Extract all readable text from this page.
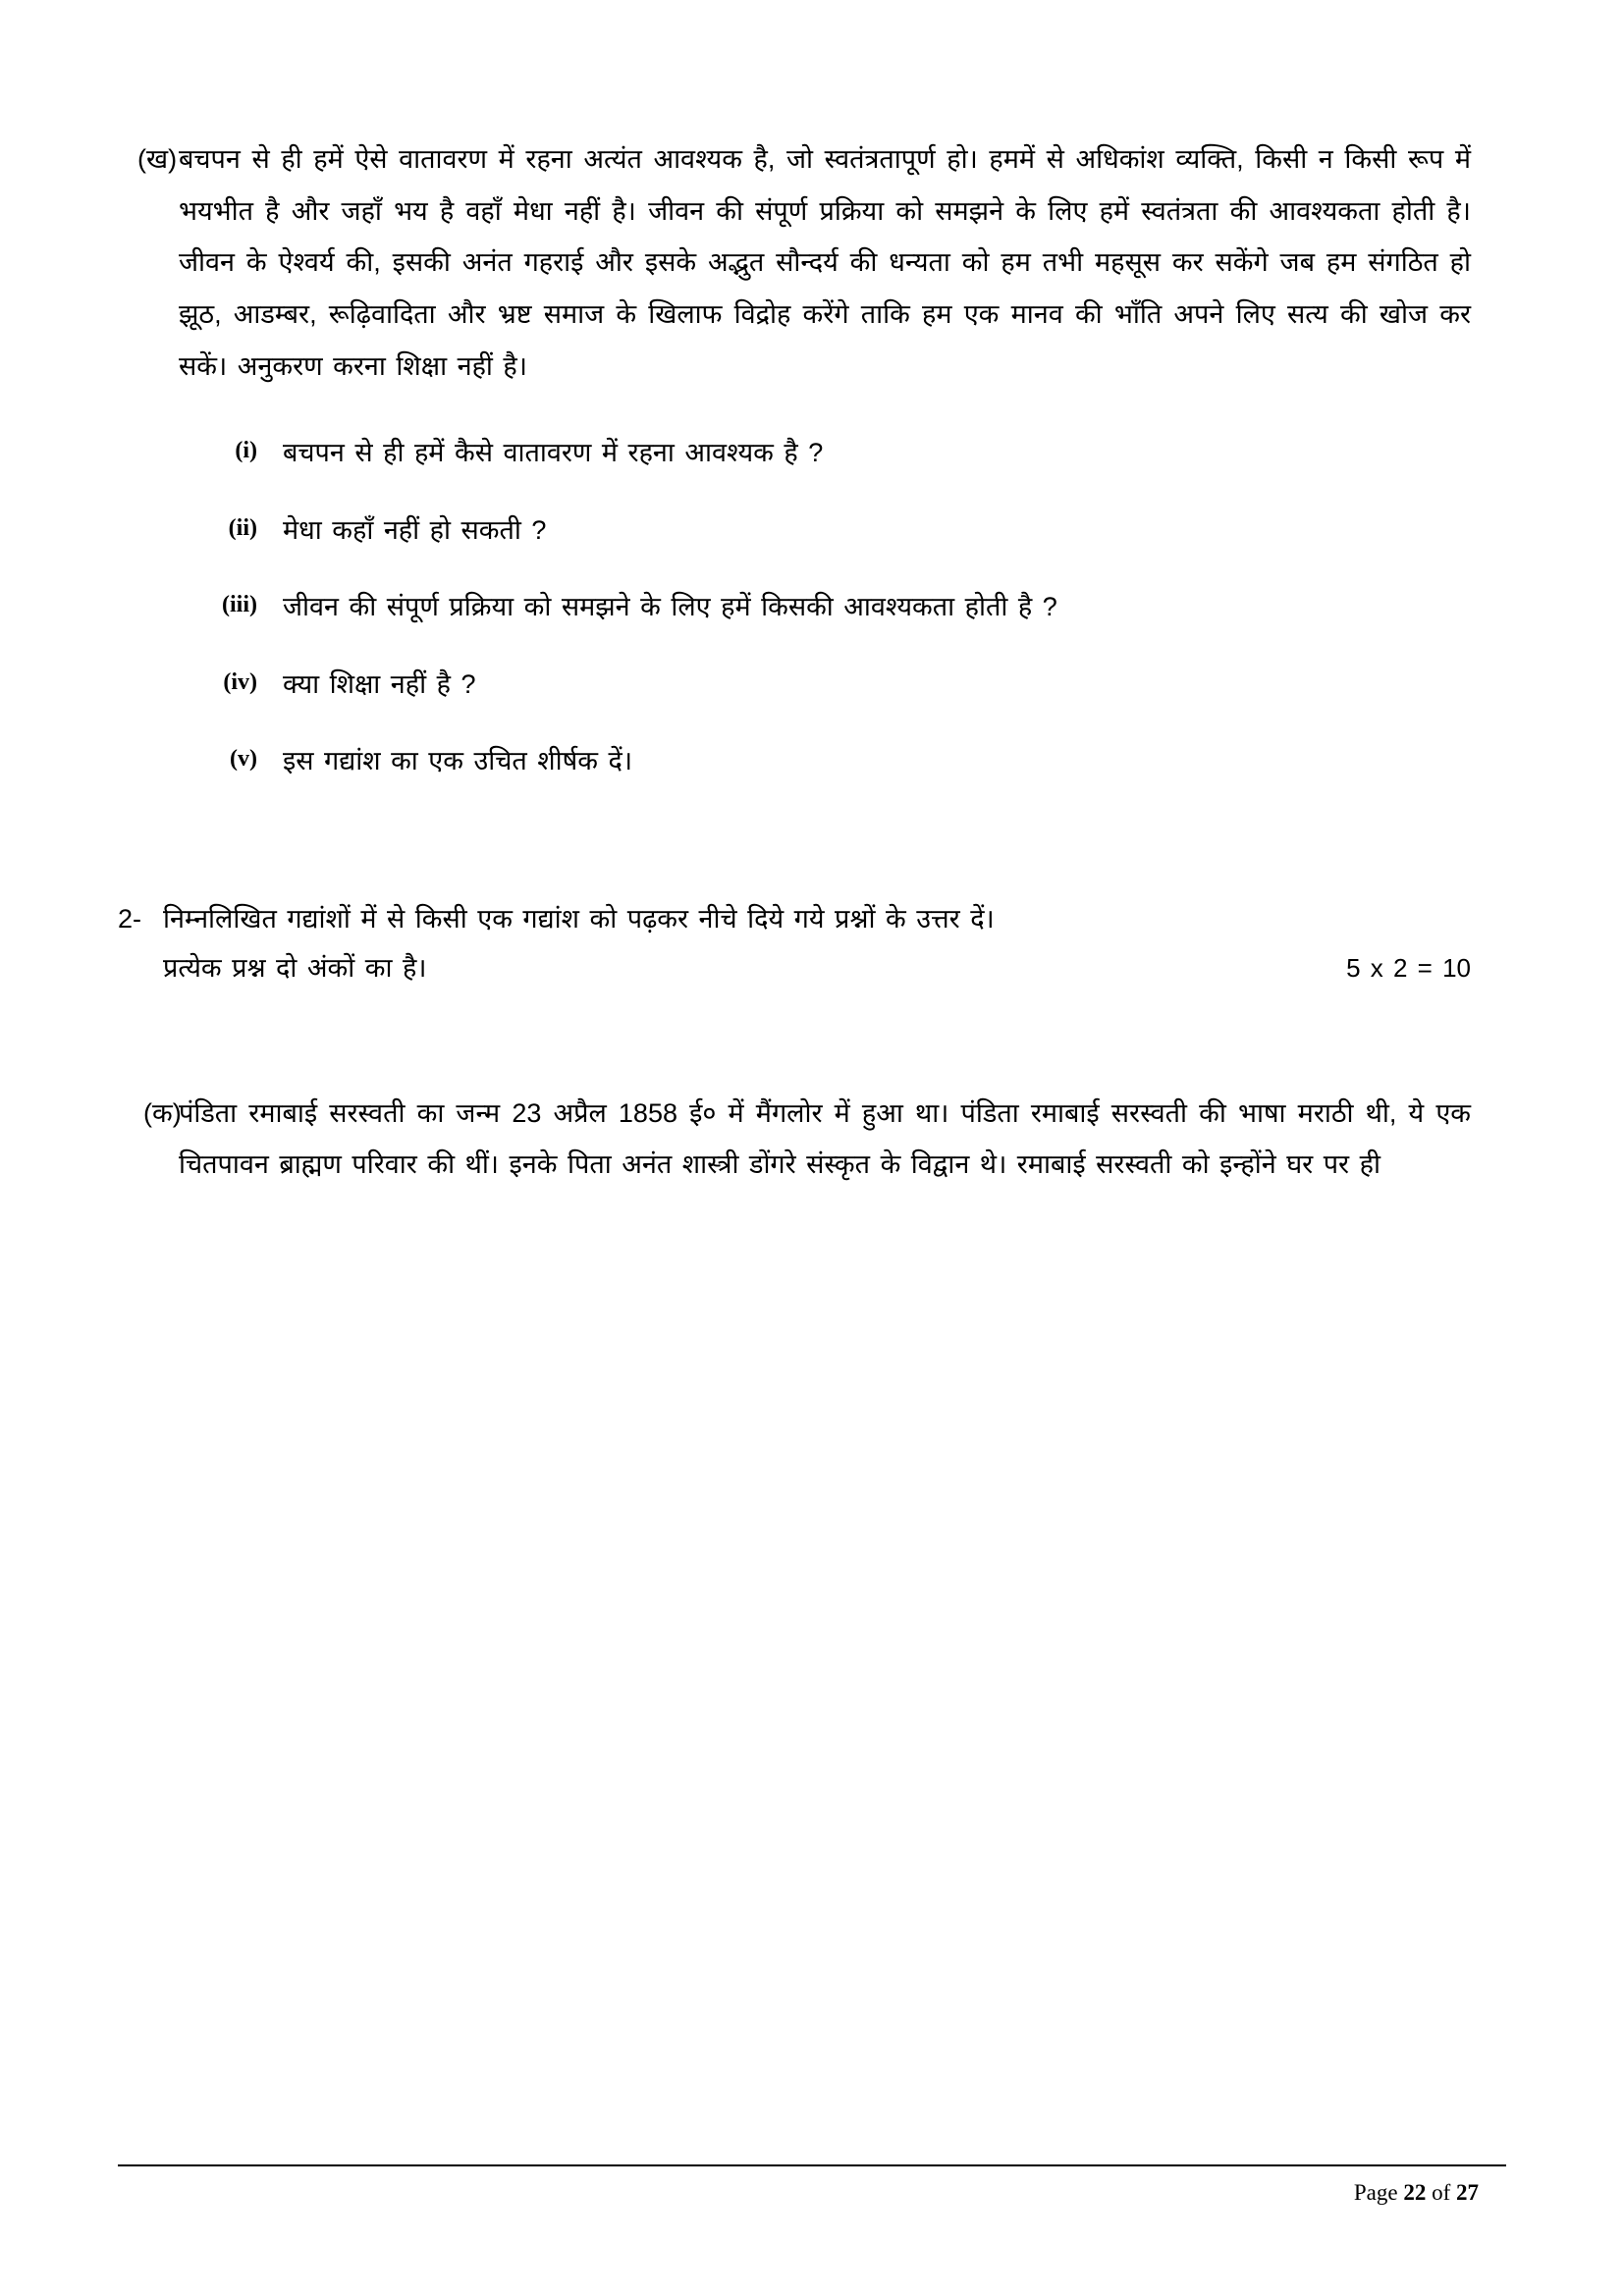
(ख) बचपन से ही हमें ऐसे वातावरण में रहना अत्यंत आवश्यक है, जो स्वतंत्रतापूर्ण हो। हममें से अधिकांश व्यक्ति, किसी न किसी रूप में भयभीत है और जहाँ भय है वहाँ मेधा नहीं है। जीवन की संपूर्ण प्रक्रिया को समझने के लिए हमें स्वतंत्रता की आवश्यकता होती है। जीवन के ऐश्वर्य की, इसकी अनंत गहराई और इसके अद्भुत सौन्दर्य की धन्यता को हम तभी महसूस कर सकेंगे जब हम संगठित हो झूठ, आडम्बर, रूढ़िवादिता और भ्रष्ट समाज के खिलाफ विद्रोह करेंगे ताकि हम एक मानव की भाँति अपने लिए सत्य की खोज कर सकें। अनुकरण करना शिक्षा नहीं है।
(i) बचपन से ही हमें कैसे वातावरण में रहना आवश्यक है ?
(ii) मेधा कहाँ नहीं हो सकती ?
(iii) जीवन की संपूर्ण प्रक्रिया को समझने के लिए हमें किसकी आवश्यकता होती है ?
(iv) क्या शिक्षा नहीं है ?
(v) इस गद्यांश का एक उचित शीर्षक दें।
2- निम्नलिखित गद्यांशों में से किसी एक गद्यांश को पढ़कर नीचे दिये गये प्रश्नों के उत्तर दें।
प्रत्येक प्रश्न दो अंकों का है।	5 x 2 = 10
(क)
पंडिता रमाबाई सरस्वती का जन्म 23 अप्रैल 1858 ई० में मैंगलोर में हुआ था। पंडिता रमाबाई सरस्वती की भाषा मराठी थी, ये एक चितपावन ब्राह्मण परिवार की थीं। इनके पिता अनंत शास्त्री डोंगरे संस्कृत के विद्वान थे। रमाबाई सरस्वती को इन्होंने घर पर ही
Page 22 of 27
